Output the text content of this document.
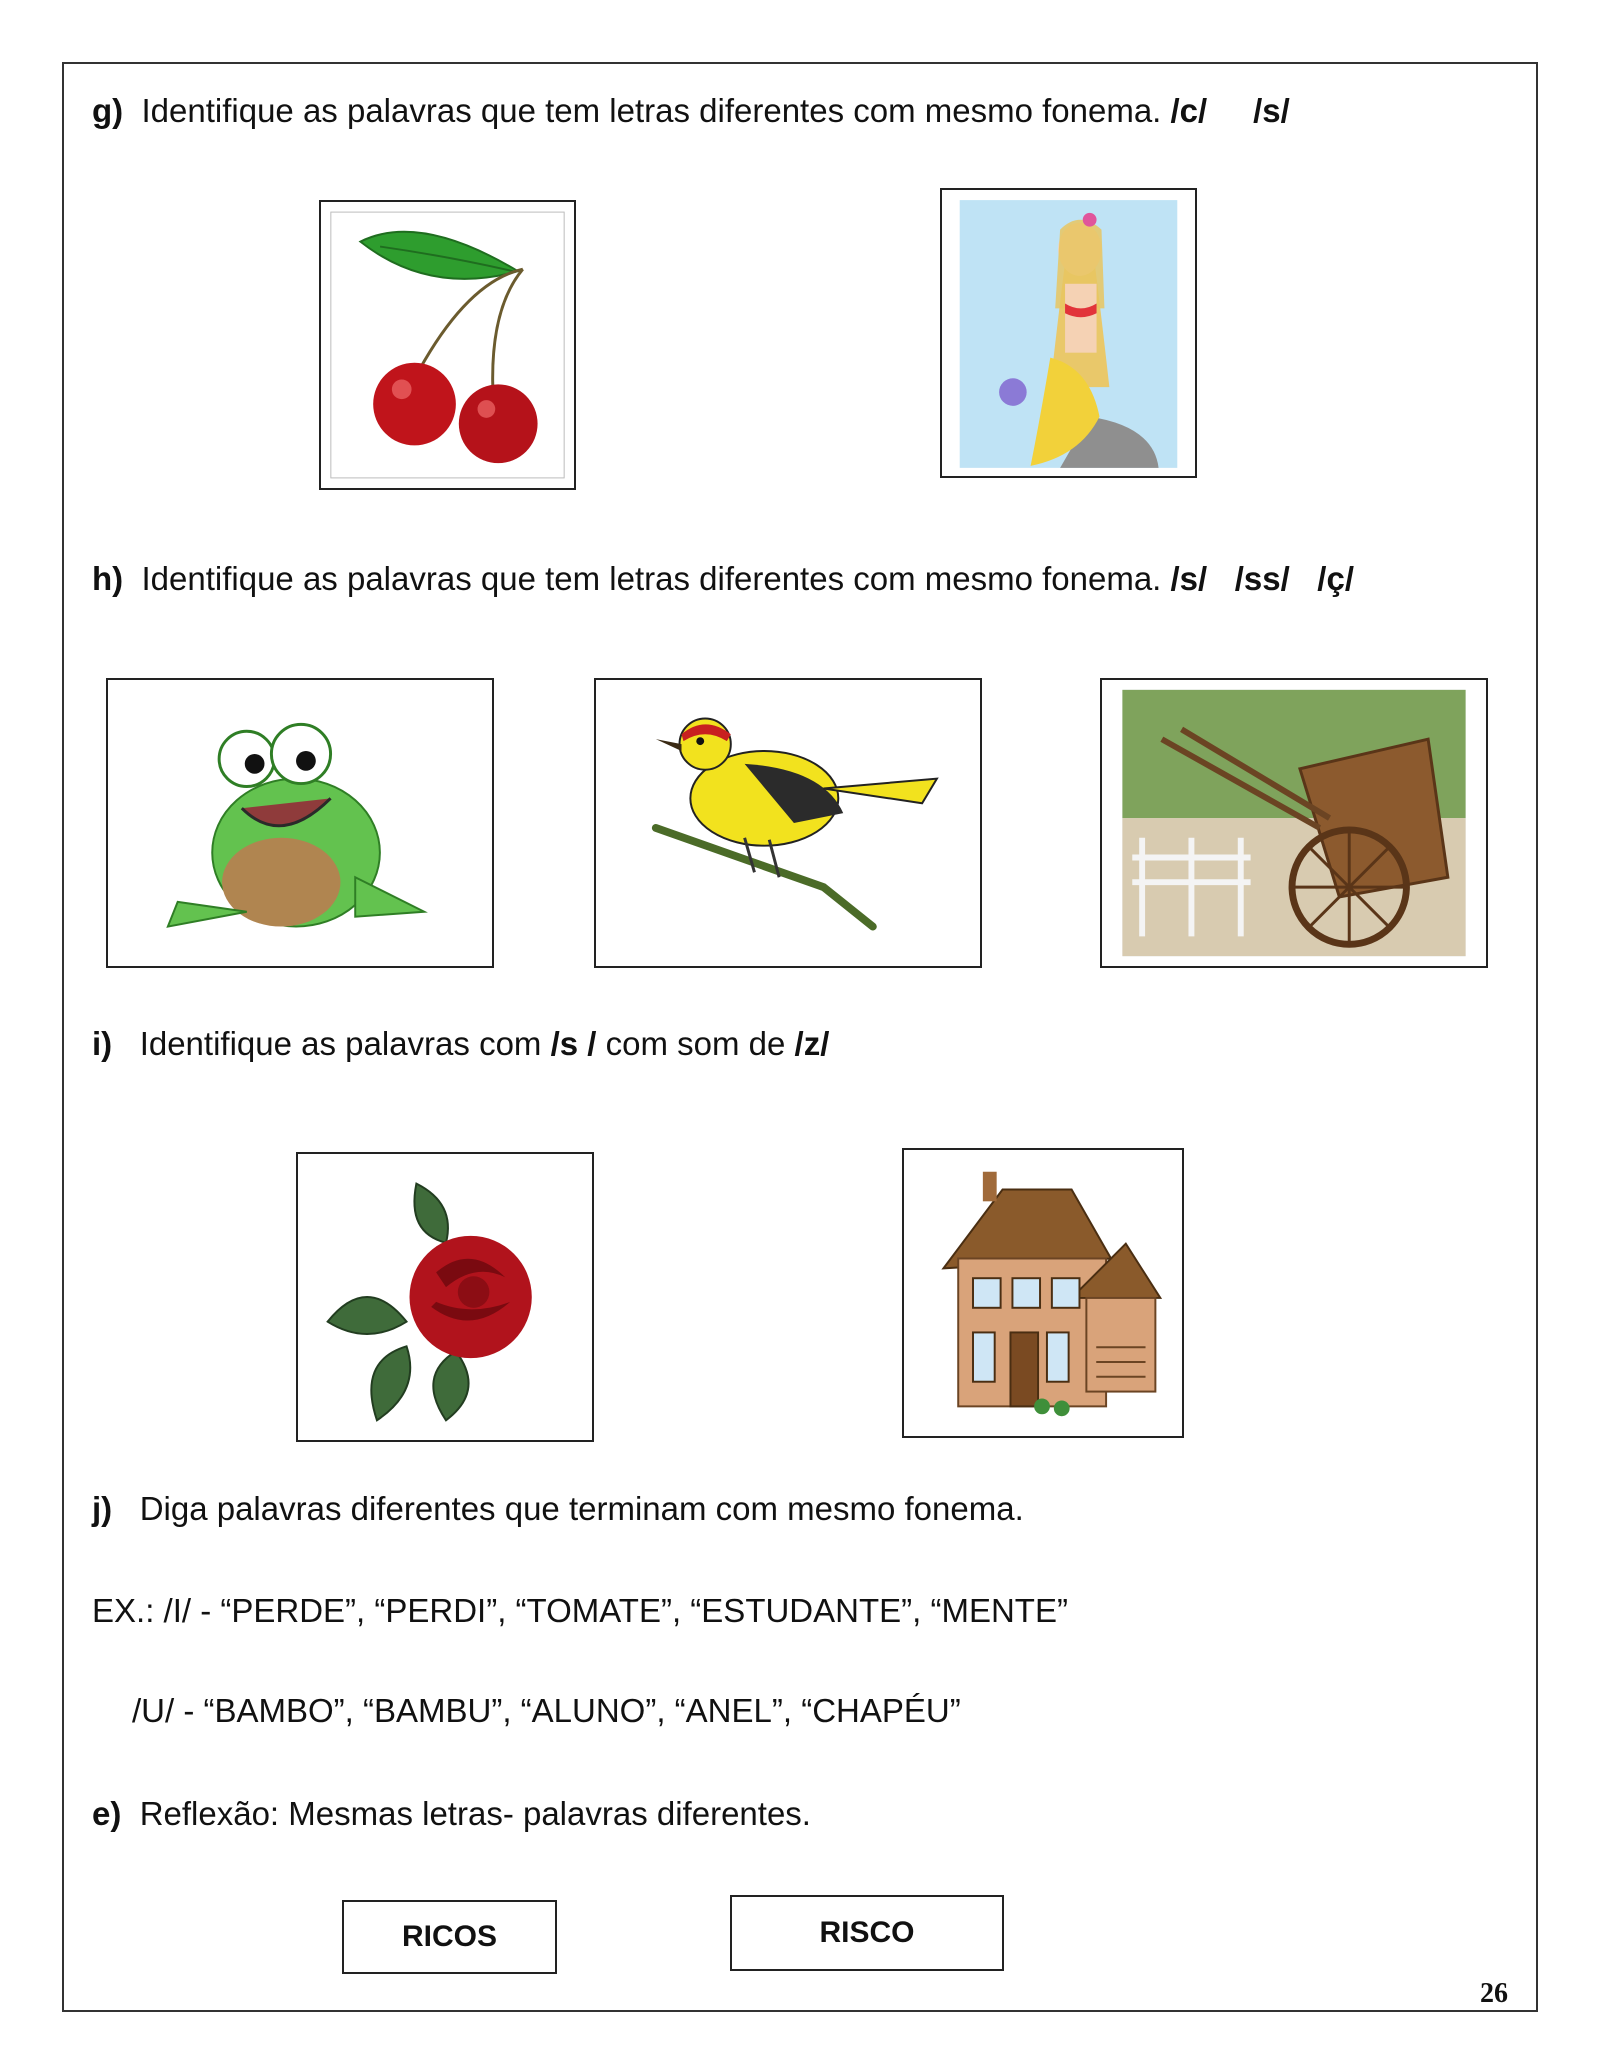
g) Identifique as palavras que tem letras diferentes com mesmo fonema. /c/ /s/
h) Identifique as palavras que tem letras diferentes com mesmo fonema. /s/ /ss/ /ç/
i) Identifique as palavras com /s / com som de /z/
j) Diga palavras diferentes que terminam com mesmo fonema.
EX.: /I/ - “PERDE”, “PERDI”, “TOMATE”, “ESTUDANTE”, “MENTE”
/U/ - “BAMBO”, “BAMBU”, “ALUNO”, “ANEL”, “CHAPÉU”
e) Reflexão: Mesmas letras- palavras diferentes.
RICOS	RISCO
26
